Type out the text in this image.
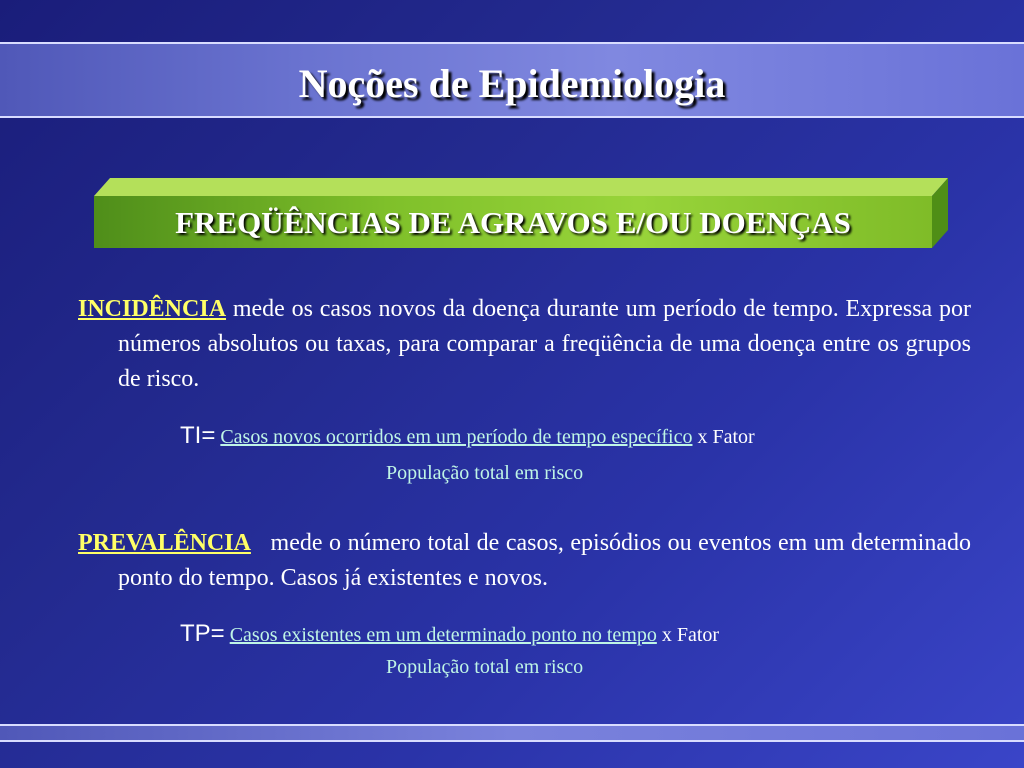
Noções de Epidemiologia
FREQÜÊNCIAS DE AGRAVOS E/OU DOENÇAS
INCIDÊNCIA mede os casos novos da doença durante um período de tempo. Expressa por números absolutos ou taxas, para comparar a freqüência de uma doença entre os grupos de risco.
TI= Casos novos ocorridos em um período de tempo específico x Fator
População total em risco
PREVALÊNCIA   mede o número total de casos, episódios ou eventos em um determinado ponto do tempo. Casos já existentes e novos.
TP= Casos existentes em um determinado ponto no tempo x Fator
População total em risco
